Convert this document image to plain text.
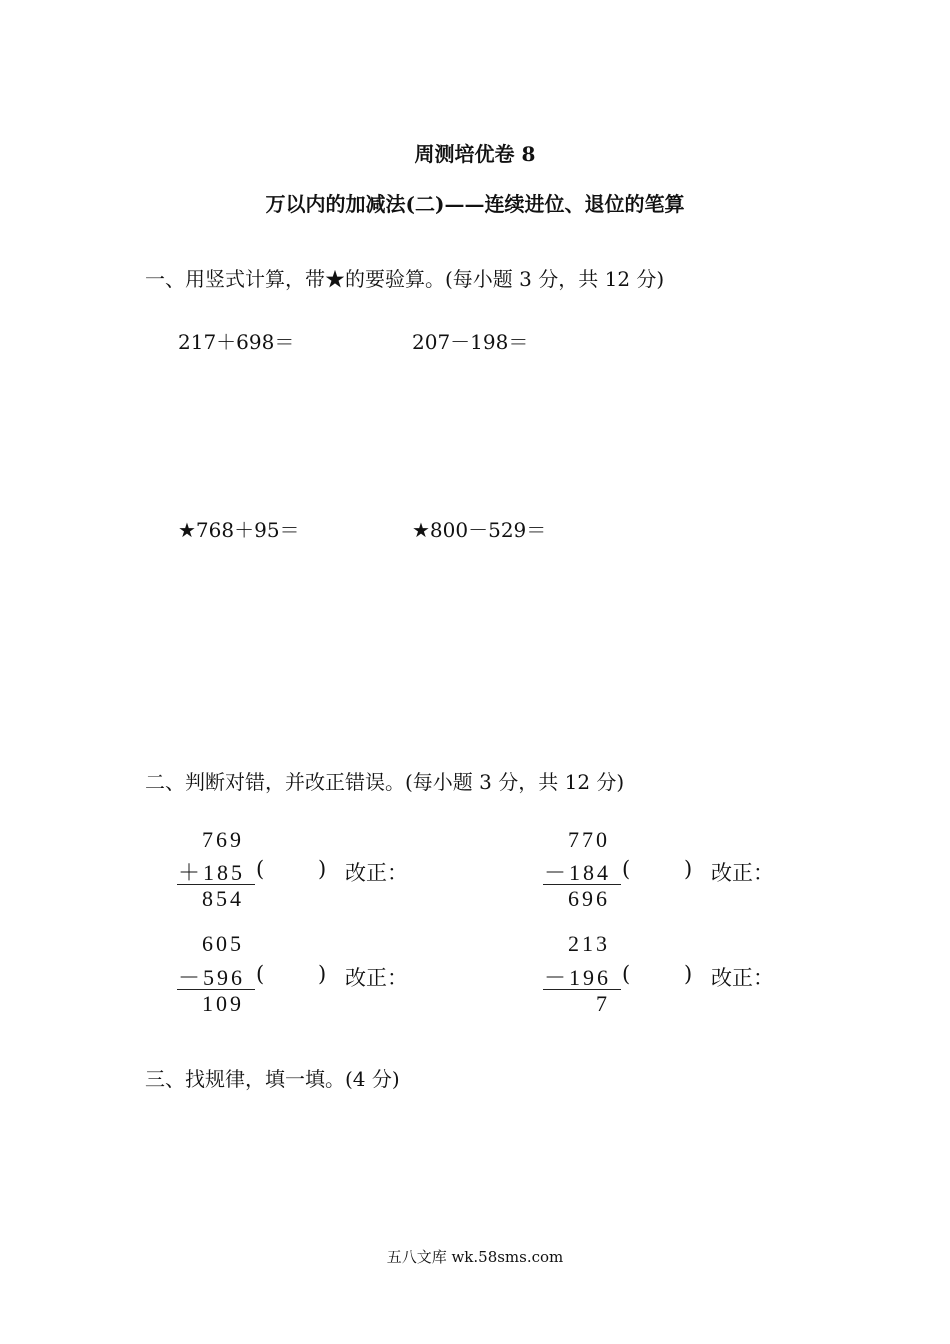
周测培优卷 8
万以内的加减法(二)——连续进位、退位的笔算
一、用竖式计算，带★的要验算。(每小题 3 分，共 12 分)
217＋698＝	207－198＝
★768＋95＝	★800－529＝
二、判断对错，并改正错误。(每小题 3 分，共 12 分)
769
＋185
854
(	) 改正：
770
－184
696
(	) 改正：
605
－596
109
(	) 改正：
213
－196
7
(	) 改正：
三、找规律，填一填。(4 分)
五八文库 wk.58sms.com
